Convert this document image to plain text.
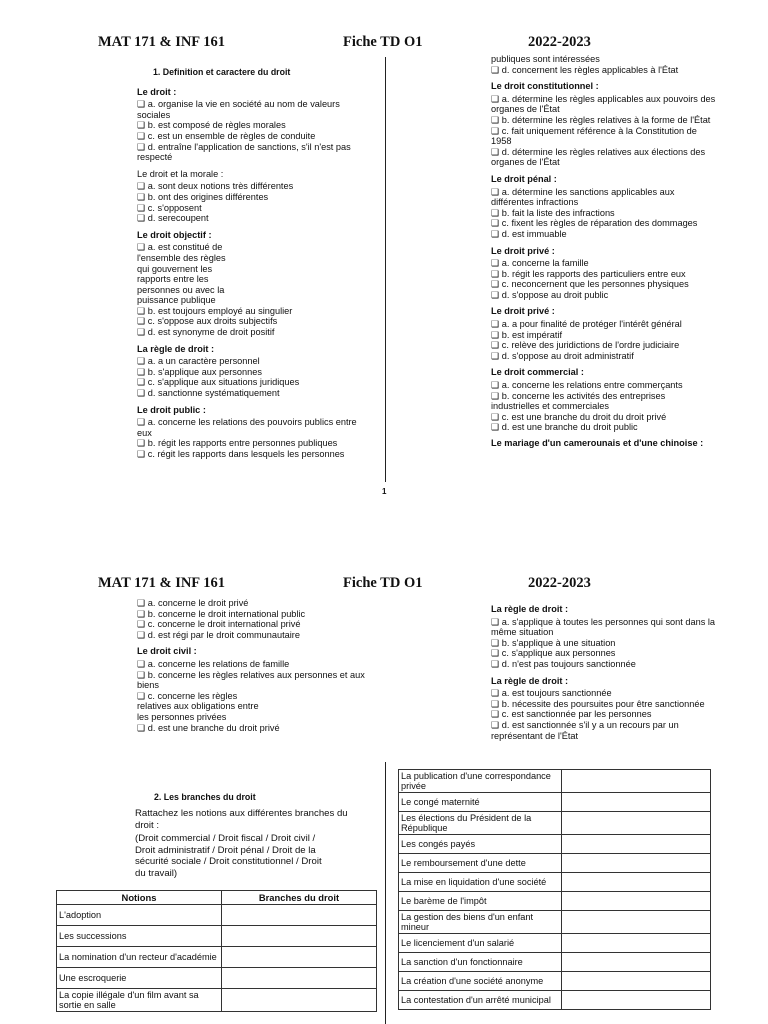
MAT 171 & INF 161	Fiche TD O1	2022-2023
1. Definition et caractere du droit
Le droit :
❑ a. organise la vie en société au nom de valeurs sociales
❑ b. est composé de règles morales
❑ c. est un ensemble de règles de conduite
❑ d. entraîne l'application de sanctions, s'il n'est pas respecté
Le droit et la morale :
❑ a. sont deux notions très différentes
❑ b. ont des origines différentes
❑ c. s'opposent
❑ d. serecoupent
Le droit objectif :
❑ a. est constitué de
l'ensemble des règles
qui gouvernent les
rapports entre les
personnes ou avec la
puissance publique
❑ b. est toujours employé au singulier
❑ c. s'oppose aux droits subjectifs
❑ d. est synonyme de droit positif
La règle de droit :
❑ a. a un caractère personnel
❑ b. s'applique aux personnes
❑ c. s'applique aux situations juridiques
❑ d. sanctionne systématiquement
Le droit public :
❑ a. concerne les relations des pouvoirs publics entre eux
❑ b. régit les rapports entre personnes publiques
❑ c. régit les rapports dans lesquels les personnes
publiques sont intéressées
❑ d. concernent les règles applicables à l'État
Le droit constitutionnel :
❑ a. détermine les règles applicables aux pouvoirs des organes de l'État
❑ b. détermine les règles relatives à la forme de l'État
❑ c. fait uniquement référence à la Constitution de 1958
❑ d. détermine les règles relatives aux élections des organes de l'État
Le droit pénal :
❑ a. détermine les sanctions applicables aux différentes infractions
❑ b. fait la liste des infractions
❑ c. fixent les règles de réparation des dommages
❑ d. est immuable
Le droit privé :
❑ a. concerne la famille
❑ b. régit les rapports des particuliers entre eux
❑ c. neconcernent que les personnes physiques
❑ d. s'oppose au droit public
Le droit privé :
❑ a. a pour finalité de protéger l'intérêt général
❑ b. est impératif
❑ c. relève des juridictions de l'ordre judiciaire
❑ d. s'oppose au droit administratif
Le droit commercial :
❑ a. concerne les relations entre commerçants
❑ b. concerne les activités des entreprises industrielles et commerciales
❑ c. est une branche du droit du droit privé
❑ d. est une branche du droit public
Le mariage d'un camerounais et d'une chinoise :
1
MAT 171 & INF 161	Fiche TD O1	2022-2023
❑ a. concerne le droit privé
❑ b. concerne le droit international public
❑ c. concerne le droit international privé
❑ d. est régi par le droit communautaire
Le droit civil :
❑ a. concerne les relations de famille
❑ b. concerne les règles relatives aux personnes et aux biens
❑ c. concerne les règles
relatives aux obligations entre
les personnes privées
❑ d. est une branche du droit privé
La règle de droit :
❑ a. s'applique à toutes les personnes qui sont dans la même situation
❑ b. s'applique à une situation
❑ c. s'applique aux personnes
❑ d. n'est pas toujours sanctionnée
La règle de droit :
❑ a. est toujours sanctionnée
❑ b. nécessite des poursuites pour être sanctionnée
❑ c. est sanctionnée par les personnes
❑ d. est sanctionnée s'il y a un recours par un représentant de l'État
2. Les branches du droit
Rattachez les notions aux différentes branches du droit :
(Droit commercial / Droit fiscal / Droit civil / Droit administratif / Droit pénal / Droit de la sécurité sociale / Droit constitutionnel / Droit du travail)
Notions	Branches du droit
L'adoption	
Les successions	
La nomination d'un recteur d'académie	
Une escroquerie	
La copie illégale d'un film avant sa sortie en salle	
La publication d'une correspondance privée	
Le congé maternité	
Les élections du Président de la République	
Les congés payés	
Le remboursement d'une dette	
La mise en liquidation d'une société	
Le barème de l'impôt	
La gestion des biens d'un enfant mineur	
Le licenciement d'un salarié	
La sanction d'un fonctionnaire	
La création d'une société anonyme	
La contestation d'un arrêté municipal	
